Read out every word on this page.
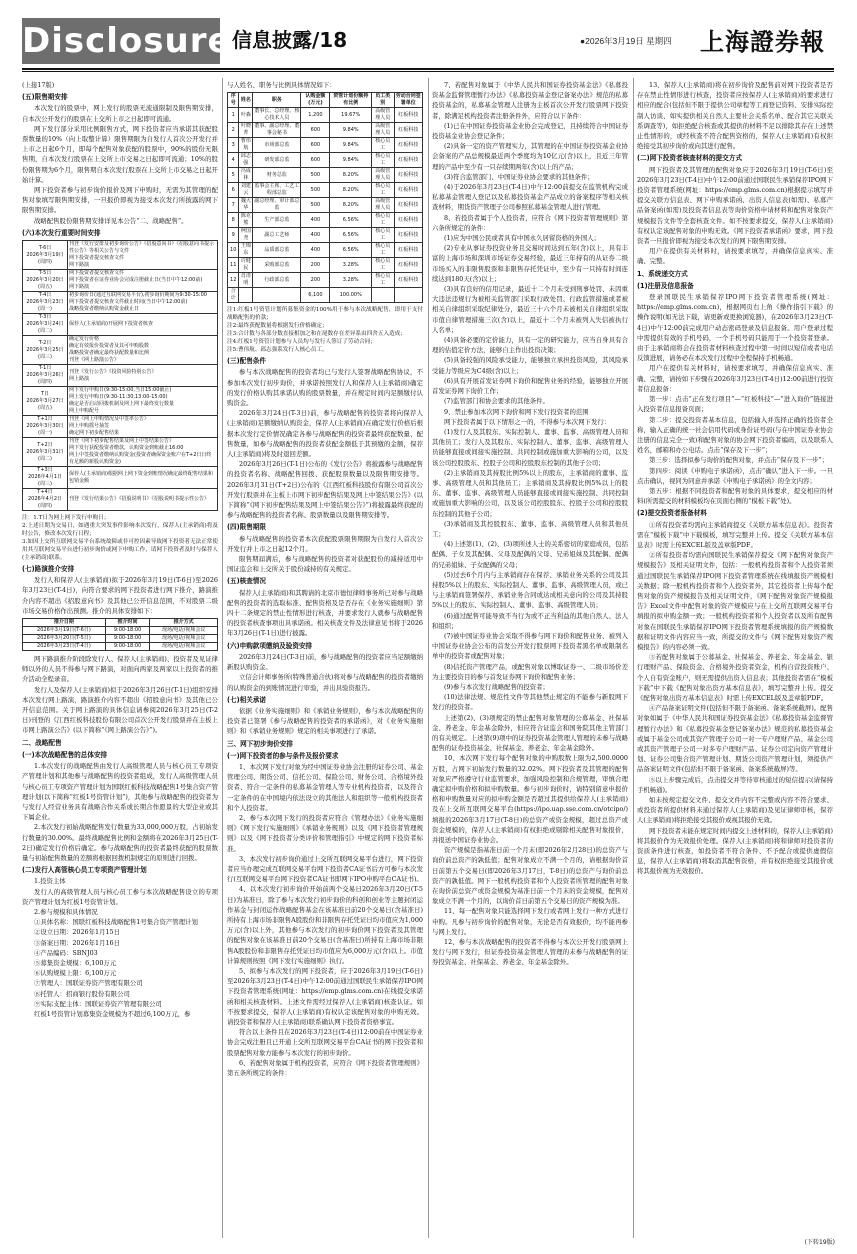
Disclosure 信息披露/18	●2026年3月19日 星期四 上海證券報

(上接17版)

(五)限售期安排

本次发行的股票中，网上发行的股票无流通限制及限售期安排，自本次公开发行的股票在上交所上市之日起即可流通。

网下发行部分采用比例限售方式，网下投资者应当承诺其获配股票数量的10%（向上取整计算）限售期限为自发行人首次公开发行并上市之日起6个月，即每个配售对象获配的股票中，90%的股份无限售期，自本次发行股票在上交所上市交易之日起即可流通；10%的股份限售期为6个月，限售期自本次发行股票在上交所上市交易之日起开始计算。

网下投资者参与初步询价报价及网下申购时，无需为其管理的配售对象填写限售期安排，一旦报价即视为接受本次发行所披露的网下限售期安排。

战略配售股份限售期安排详见本公告“二、战略配售”。

(六)本次发行重要时间安排
T-6日
2026年3月19日
(周四)	刊登《发行安排及初步询价公告》《招股意向书》《招股意向书提示性公告》等相关公告与文件
网下投资者提交核查文件
网下路演
T-5日
2026年3月20日
(周五)	网下投资者提交核查文件
网下投资者在证券业协会完成注册截止日(当日中午12:00前)
网下路演
T-4日
2026年3月23日
(周一)	初步询价日(通过互联网交易平台),初步询价期间为9:30-15:00
网下投资者提交核查文件截止时间(当日中午12:00前)
战略投资者缴纳认购资金截止日
T-3日
2026年3月24日
(周二)	保荐人(主承销商)开展网下投资者核查
T-2日
2026年3月25日
(周三)	确定发行价格
确定有效报价投资者及其可申购股数
战略投资者确定最终获配数量和比例
刊登《网上路演公告》
T-1日
2026年3月26日
(周四)	刊登《发行公告》《投资风险特别公告》
网上路演
T日
2026年3月27日
(周五)	网下发行申购日(9:30-15:00,当日15:00截止)
网上发行申购日(9:30-11:30,13:00-15:00)
确定是否启动回拨机制及网上网下最终发行数量
网上申购配号
T+1日
2026年3月30日
(周一)	刊登《网上申购情况及中签率公告》
网上申购摇号抽签
确定网下初步配售结果
T+2日
2026年3月31日
(周二)	刊登《网下初步配售结果及网上中签结果公告》
网下发行获配投资者缴款，认购资金到账截止16:00
网上中签投资者缴纳认购资金(投资者确保资金账户在T+2日日终有足额的新股认购资金)
T+3日
2026年4月1日
(周三)	保荐人(主承销商)根据网上网下资金到账情况确定最终配售结果和包销金额
T+4日
2026年4月2日
(周四)	刊登《发行结果公告》《招股说明书》《招股说明书提示性公告》

注：1.T日为网上网下发行申购日；
2.上述日期为交易日，如遇重大突发事件影响本次发行，保荐人(主承销商)将及时公告，修改本次发行日程；
3.如因上交所互联网交易平台系统故障或非可控因素导致网下投资者无法正常使用其互联网交易平台进行初步询价或网下申购工作，请网下投资者及时与保荐人(主承销商)联系。

(七)路演推介安排

发行人和保荐人(主承销商)拟于2026年3月19日(T-6日)至2026年3月23日(T-4日)，向符合要求的网下投资者进行网下推介，路演推介内容不超出《招股意向书》及其他已公开信息范围，不对股票二级市场交易价格作出预测。推介的具体安排如下：

推介日期	推介时间	推介方式
2026年3月19日(T-6日)	9:00-18:00	现场/电话/视频会议
2026年3月20日(T-5日)	9:00-18:00	现场/电话/视频会议
2026年3月23日(T-4日)	9:00-18:00	现场/电话/视频会议

网下路演推介阶段除发行人、保荐人(主承销商)、投资者及见证律师以外的人员不得参与网下路演，对面向两家及两家以上投资者的推介活动全程录音。

发行人及保荐人(主承销商)拟于2026年3月26日(T-1日)组织安排本次发行网上路演，路演推介内容不超出《招股意向书》及其他已公开信息范围。关于网上路演的具体信息请参阅2026年3月25日(T-2日)刊登的《江西红板科技股份有限公司首次公开发行股票并在主板上市网上路演公告》(以下简称“《网上路演公告》”)。

二、战略配售
(一)本次战略配售的总体安排

1.本次发行的战略配售由发行人高级管理人员与核心员工专项资产管理计划和其他参与战略配售的投资者组成，发行人高级管理人员与核心员工专项资产管理计划为国联红板科技战略配售1号集合资产管理计划(以下简称“红板1号资管计划”)，其他参与战略配售的投资者为与发行人经营业务具有战略合作关系或长期合作愿景的大型企业或其下属企业。

2.本次发行初始战略配售发行数量为33,000,000万股，占初始发行数量的30.00%。最终战略配售比例和金额将在2026年3月25日(T-2日)确定发行价格后确定。参与战略配售的投资者最终获配的股票数量与初始配售数量的差额将根据回拨机制规定的原则进行回拨。

(二)发行人高管核心员工专项资产管理计划

1.投资主体

发行人的高级管理人员与核心员工参与本次战略配售设立的专项资产管理计划为红板1号资管计划。

2.参与规模和具体情况

①具体名称：国联红板科技战略配售1号集合资产管理计划

②设立日期：2026年1月15日

③备案日期：2026年1月16日

④产品编码：SBNJ03

⑤募集资金规模：6,100万元

⑥认购规模上限：6,100万元

⑦管理人：国联证券资产管理有限公司

⑧托管人：招商银行股份有限公司

⑨实际支配主体：国联证券资产管理有限公司

红板1号资管计划募集资金规模为不超过6,100万元，参

与人姓名、职务与比例具体情况如下：

序号	姓名	职务	认购金额(万元)	资管计划份额持有比例	员工类别	劳动合同签署单位
1	叶森	董事长、总经理、核心技术人员	1,200	19.67%	高级管理人员	红板科技
2	叶晓菁	董事、副总经理、董事会秘书	600	9.84%	高级管理人员	红板科技
3	曹伟航	市场部总监	600	9.84%	核心员工	红板科技
4	邱志强	研发部总监	600	9.84%	核心员工	红板科技
5	冯成林	财务总监	500	8.20%	高级管理人员	红板科技
6	刘建云	监事会主席、工艺工程部总监	500	8.20%	核心员工	红板科技
7	魏大华	副总经理、审计部总监	500	8.20%	高级管理人员	红板科技
8	陈克熊	生产部总监	400	6.56%	核心员工	红板科技
9	柯国尧	副总工艺师	400	6.56%	核心员工	红板科技
10	王锦东	品质部总监	400	6.56%	核心员工	红板科技
11	许健民	采购部总监	200	3.28%	核心员工	红板科技
12	肖清明	行政部总监	200	3.28%	核心员工	红板科技
合计			6,100	100.00%		

注1:红板1号资管计划所募集资金的100%用于参与本次战略配售，即用于支付战略配售的价款；
注2:最终获配数量将根据发行价格确定；
注3:合计数与各部分数直接相加之和在尾数存在差异系由四舍五入造成；
注4:红板1号资管计划参与人员均与发行人签订了劳动合同；
注5:曹伟航、邱志强系发行人核心员工。

(三)配售条件

参与本次战略配售的投资者均已与发行人签署战略配售协议，不参加本次发行初步询价，并承诺按照发行人和保荐人(主承销商)确定的发行价格认购其承诺认购的股票数量，并在规定时间内足额缴付认购资金。

2026年3月24日(T-3日)前，参与战略配售的投资者将向保荐人(主承销商)足额缴纳认购资金，保荐人(主承销商)在确定发行价格后根据本次发行定价情况确定各参与战略配售的投资者最终获配数量、配售数量，如参与战略配售的投资者获配金额低于其预缴的金额，保荐人(主承销商)将及时退回差额。

2026年3月26日(T-1日)公布的《发行公告》将披露参与战略配售的投资者名称、战略配售回拨、获配股票数量以及限售期安排等。2026年3月31日(T+2日)公布的《江西红板科技股份有限公司首次公开发行股票并在主板上市网下初步配售结果及网上中签结果公告》(以下简称“《网下初步配售结果及网上中签结果公告》”)将披露最终获配的参与战略配售的投资者名称、股票数量以及限售期安排等。

(四)限售期限

参与战略配售的投资者本次获配股票限售期限为自发行人首次公开发行并上市之日起12个月。

限售期届满后，参与战略配售的投资者对获配股份的减持适用中国证监会和上交所关于股份减持的有关规定。

(五)核查情况

保荐人(主承销商)和其聘请的北京市德恒律师事务所已对参与战略配售的投资者的选取标准、配售资格及是否存在《业务实施细则》第四十二条规定的禁止性情形进行核查，并要求发行人就参与战略配售的投资者核查事项出具承诺函。相关核查文件及法律意见书将于2026年3月26日(T-1日)进行披露。

(六)申购款项缴纳及验资安排

2026年3月24日(T-3日)前，参与战略配售的投资者应当足额缴纳新股认购资金。

立信会计师事务所(特殊普通合伙)将对参与战略配售的投资者缴纳的认购资金的到账情况进行审验，并出具验资报告。

(七)相关承诺

依据《业务实施细则》和《承销业务规则》，参与本次战略配售的投资者已签署《参与战略配售的投资者的承诺函》，对《业务实施细则》和《承销业务规则》规定的相关事项进行了承诺。

三、网下初步询价安排
(一)网下投资者的参与条件及报价要求

1、本次网下发行对象为经中国证券业协会注册的证券公司、基金管理公司、期货公司、信托公司、保险公司、财务公司、合格境外投资者、符合一定条件的私募基金管理人等专业机构投资者，以及符合一定条件的在中国境内依法设立的其他法人和组织等一般机构投资者和个人投资者。

2、参与本次网下发行的投资者应符合《管理办法》《业务实施细则》《网下发行实施细则》《承销业务规则》以及《网下投资者管理规则》以及《网下投资者分类评价和管理指引》中规定的网下投资者标准。

3、本次发行初步询价通过上交所互联网交易平台进行，网下投资者应当办理完成互联网交易平台网下投资者CA证书后方可参与本次发行(互联网交易平台网下投资者CA证书即网下IPO申购平台CA证书)。

4、以本次发行初步询价开始前两个交易日2026年3月20日(T-5日)为基准日，除了参与本次发行初步询价的科创和创业等主题封闭运作基金与封闭运作战略配售基金在该基准日前20个交易日(含基准日)所持有上海市场非限售A股股份和非限售存托凭证日均市值应为1,000万元(含)以上外，其他参与本次发行的初步询价网下投资者及其管理的配售对象在该基准日前20个交易日(含基准日)所持有上海市场非限售A股股份和非限售存托凭证日均市值应为6,000万元(含)以上。市值计算规则按照《网下发行实施细则》执行。

5、拟参与本次发行的网下投资者，应于2026年3月19日(T-6日)至2026年3月23日(T-4日)中午12:00前通过国联民生承销保荐IPO网下投资者管理系统(网址：https://emp.glms.com.cn)在线提交承诺函和相关核查材料。上述文件需经过保荐人(主承销商)核查认证。如不按要求提交，保荐人(主承销商)有权认定该配售对象的申购无效。请投资者和保荐人(主承销商)联系确认网下投资者资格事宜。

符合以上条件且在2026年3月23日(T-4日)12:00前在中国证券业协会完成注册且已开通上交所互联网交易平台CA证书的网下投资者和股票配售对象方能参与本次发行的初步询价。

6、若配售对象属于机构投资者，应符合《网下投资者管理规则》第五条所规定的条件：

7、若配售对象属于《中华人民共和国证券投资基金法》《私募投资基金监督管理暂行办法》《私募投资基金登记备案办法》规范的私募投资基金的，私募基金管理人注册为主板首次公开发行股票网下投资者，除满足机构投资者注册条件外，应符合以下条件：

(1)已在中国证券投资基金业协会完成登记，且持续符合中国证券投资基金业协会登记条件；

(2)具备一定的资产管理实力，其管理的在中国证券投资基金业协会备案的产品总规模最近两个季度均为10亿元(含)以上，且近三年管理的产品中至少有一只存续期两年(含)以上的产品；

(3)符合监管部门、中国证券业协会要求的其他条件；

(4)于2026年3月23日(T-4日)中午12:00前提交在监管机构完成私募基金管理人登记以及私募投资基金产品成立的备案程序等相关核查材料，期货资产管理子公司参照私募基金管理人进行管理。

8、若投资者属于个人投资者，应符合《网下投资者管理规则》第六条所规定的条件：

(1)应为中国公民或者具有中国永久居留资格的外国人；

(2)专业从事证券投资业务且交易时间达到五年(含)以上，具有丰富的上海市场和深圳市场证券交易经验，最近三年持有的从证券二级市场买入的非限售股票和非限售存托凭证中，至少有一只持有时间连续达到180天(含)以上；

(3)具有良好的信用记录，最近十二个月未受到刑事处罚、未因重大违法违规行为被相关监管部门采取行政处罚、行政监管措施或者被相关自律组织采取纪律处分，最近三十六个月未被相关自律组织采取市值自律管理措施三次(含)以上，最近十二个月未被列入失信被执行人名单；

(4)具备必要的定价能力，具有一定的研究能力，应当自身具有合理的估值定价方法，能够自主作出投资决策；

(5)具备较强的风险承受能力，能够独立承担投资风险，其风险承受能力等级应为C4级(含)以上；

(6)具有开展首发证券网下询价和配售业务的经验，能够独立开展首发证券网下询价工作；

(7)监管部门和协会要求的其他条件。

9、禁止参加本次网下询价和网下发行投资者的范围

网下投资者属于以下情形之一的，不得参与本次网下发行：

(1)发行人及其股东、实际控制人、董事、监事、高级管理人员和其他员工；发行人及其股东、实际控制人、董事、监事、高级管理人员能够直接或间接实施控制、共同控制或施加重大影响的公司，以及该公司控股股东、控股子公司和控股股东控制的其他子公司；

(2)主承销商及其持股比例5%以上的股东，主承销商的董事、监事、高级管理人员和其他员工；主承销商及其持股比例5%以上的股东、董事、监事、高级管理人员能够直接或间接实施控制、共同控制或施加重大影响的公司，以及该公司控股股东、控股子公司和控股股东控制的其他子公司；

(3)承销商及其控股股东、董事、监事、高级管理人员和其他员工；

(4)上述第(1)、(2)、(3)项所述人士的关系密切的家庭成员，包括配偶、子女及其配偶、父母及配偶的父母、兄弟姐妹及其配偶、配偶的兄弟姐妹、子女配偶的父母；

(5)过去6个月内与主承销商存在保荐、承销业务关系的公司及其持股5%以上的股东、实际控制人、董事、监事、高级管理人员，或已与主承销商签署保荐、承销业务合同或达成相关意向的公司及其持股5%以上的股东、实际控制人、董事、监事、高级管理人员；

(6)通过配售可能导致不当行为或不正当利益的其他自然人、法人和组织；

(7)被中国证券业协会采取不得参与网下询价和配售业务、被列入中国证券业协会公布的首发公开发行股票网下投资者黑名单或限制名单中的投资者或配售对象；

(8)信托资产管理产品，或配售对象以博取证券一、二级市场价差为主要投资目的参与首发证券网下询价和配售业务；

(9)参与本次发行战略配售的投资者；

(10)法律法规、规范性文件等其他禁止规定的不能参与新股网下发行的投资者。

上述第(2)、(3)项规定的禁止配售对象管理的公募基金、社保基金、养老金、年金基金除外，但应符合证监会和国务院其他主管部门的有关规定。上述第(9)项中的证券投资基金管理人管理的未参与战略配售的证券投资基金、社保基金、养老金、年金基金除外。

10、本次网下发行每个配售对象的申购股数上限为2,500.0000万股，占网下初始发行数量的32.02%。网下投资者及其管理的配售对象应严格遵守行业监管要求，加强风险控制和合规管理，审慎合理确定拟申购价格和拟申购数量。参与初步询价时，请特别留意申报价格和申购数量对应的拟申购金额是否超过其提供给保荐人(主承销商)及在上交所互联网交易平台(https://ipo.uap.sse.com.cn/otcipo/)填报的2026年3月17日(T-8日)的总资产或资金规模，超过总资产或资金规模的，保荐人(主承销商)有权拒绝或剔除相关配售对象报价，并报送中国证券业协会。

资产规模是指基准日前一个月末(即2026年2月28日)的总资产与询价前总资产的孰低值；配售对象成立不满一个月的，请根据询价首日前第五个交易日(即2026年3月17日，T-8日)的总资产与询价前总资产的孰低值。网下一般机构投资者和个人投资者所管理的配售对象在询价前总资产或资金规模为基准日前一个月末的资金规模，配售对象成立不满一个月的，以询价首日前第五个交易日的资产规模为准。

11、每一配售对象只能选择网下发行或者网上发行一种方式进行申购。凡参与初步询价的配售对象，无论是否有效报价，均不能再参与网上发行。

12、参与本次战略配售的投资者不得参与本次公开发行股票网上发行与网下发行，但证券投资基金管理人管理的未参与战略配售的证券投资基金、社保基金、养老金、年金基金除外。

13、保荐人(主承销商)将在初步询价及配售前对网下投资者是否存在禁止性情形进行核查，投资者应按保荐人(主承销商)的要求进行相应的配合(包括但不限于提供公司章程等工商登记资料、安排实际控制人访谈、如实提供相关自然人主要社会关系名单、配合其它关联关系调查等)，如拒绝配合核查或其提供的材料不足以排除其存在上述禁止性情形的，或经核查不符合配售资格的，保荐人(主承销商)有权拒绝接受其初步询价或向其进行配售。

(二)网下投资者核查材料的提交方式

网下投资者及其管理的配售对象应于2026年3月19日(T-6日)至2026年3月23日(T-4日)中午12:00前通过国联民生承销保荐IPO网下投资者管理系统(网址：https://emp.glms.com.cn)根据提示填写并提交关联方信息表、网下申购承诺函、出资人信息表(如需)、私募产品备案函(如需)及投资者信息表等询价资格申请材料和配售对象资产规模报告文件等全套核查文件。如不按要求提交，保荐人(主承销商)有权认定该配售对象的申购无效。《网下投资者承诺函》要求，网下投资者一旦报价即视为接受本次发行的网下限售期安排。

用户在提供有关材料时，请按要求填写，并确保信息真实、准确、完整。

1、系统递交方式
(1)注册及信息报备

登录国联民生承销保荐IPO网下投资者管理系统(网址：https://emp.glms.com.cn)，根据网页右上角《操作指引下载》的操作说明(如无法下载，请更新或更换浏览器)，在2026年3月23日(T-4日)中午12:00前完成用户动态密码登录及信息报备。用户登录过程中需提供有效的手机号码，一个手机号码只能用于一个投资者登录。由于主承销商将会在投资者材料核查过程中第一时间以短信或者电话反馈进展，请务必在本次发行过程中全程保持手机畅通。

用户在提供有关材料时，请按要求填写，并确保信息真实、准确、完整，请按如下步骤在2026年3月23日(T-4日)12:00前进行投资者信息报备：

第一步：点击“正在发行项目”—“红板科技”—“进入询价”链接进入投资者信息报备页面；

第二步：提交投资者基本信息，包括输入并选择正确的投资者全称，输入正确的统一社会信用代码或身份证号码(与在中国证券业协会注册的信息完全一致)和配售对象的协会网下投资者编码，以及联系人姓名，邮箱和办公电话。点击“保存及下一步”；

第三步：选择拟参与询价的配售对象，并点击“保存及下一步”；

第四步：阅读《申购电子承诺函》，点击“确认”进入下一步。一旦点击确认，视同为同意并承诺《申购电子承诺函》的全文内容；

第五步：根据不同投资者和配售对象的具体要求，提交相应的材料(所需提交的材料模板均在页面右侧的“模板下载”处)。

(2)提交投资者报备材料

①所有投资者均需向主承销商提交《关联方基本信息表》。投资者需在“模板下载”中下载模板，填写完整并上传。提交《关联方基本信息表》时需上传EXCEL版及盖章版PDF。

②所有投资者均需向国联民生承销保荐提交《网下配售对象资产规模报告》及相关证明文件，包括：一般机构投资者和个人投资者须通过国联民生承销保荐IPO网下投资者管理系统在线填报资产规模相关数据；除一般机构投资者和个人投资者外，其它投资者上传每个配售对象的资产规模报告及相关证明文件，《网下配售对象资产规模报告》Excel文件中配售对象的资产规模应与在上交所互联网交易平台填报的拟申购金额一致；一般机构投资者和个人投资者以及所有配售对象在国联民生承销保荐IPO网下投资者管理系统填报的资产规模数据和证明文件内容应当一致，所提交的文件与《网下配售对象资产规模报告》的内容必须一致。

③若配售对象属于公募基金、社保基金、养老金、年金基金、银行理财产品、保险资金、合格境外投资者资金，机构自营投资账户、个人自有资金账户，则无需提供出资人信息表；其他投资者需在“模板下载”中下载《配售对象出资方基本信息表》，填写完整并上传。提交《配售对象出资方基本信息表》时需上传EXCEL版及盖章版PDF。

④产品备案证明文件(包括但不限于备案函、备案系统截屏)。配售对象如属于《中华人民共和国证券投资基金法》《私募投资基金监督管理暂行办法》和《私募投资基金登记备案办法》规范的私募投资基金或属于基金公司或其资产管理子公司一对一专户理财产品、基金公司或其资产管理子公司一对多专户理财产品、证券公司定向资产管理计划、证券公司集合资产管理计划、期货公司资产管理计划，须提供产品备案证明文件(包括但不限于备案函、备案系统截屏)等。

⑤以上步骤完成后，点击提交并等待审核通过的短信提示(请保持手机畅通)。

如未按规定提交文件、提交文件内容不完整或内容不符合要求、或投资者所提供材料未通过保荐人(主承销商)及见证律师审核，保荐人(主承销商)将拒绝接受其报价或视其报价无效。

网下投资者未能在规定时间内提交上述材料的，保荐人(主承销商)将其报价作为无效报价处理。保荐人(主承销商)将和律师对投资者的资质条件进行核查，如投资者不符合条件、不予配合或提供虚假信息，保荐人(主承销商)将取消其配售资格，并有权拒绝接受其报价或将其报价视为无效报价。

(下转19版)
